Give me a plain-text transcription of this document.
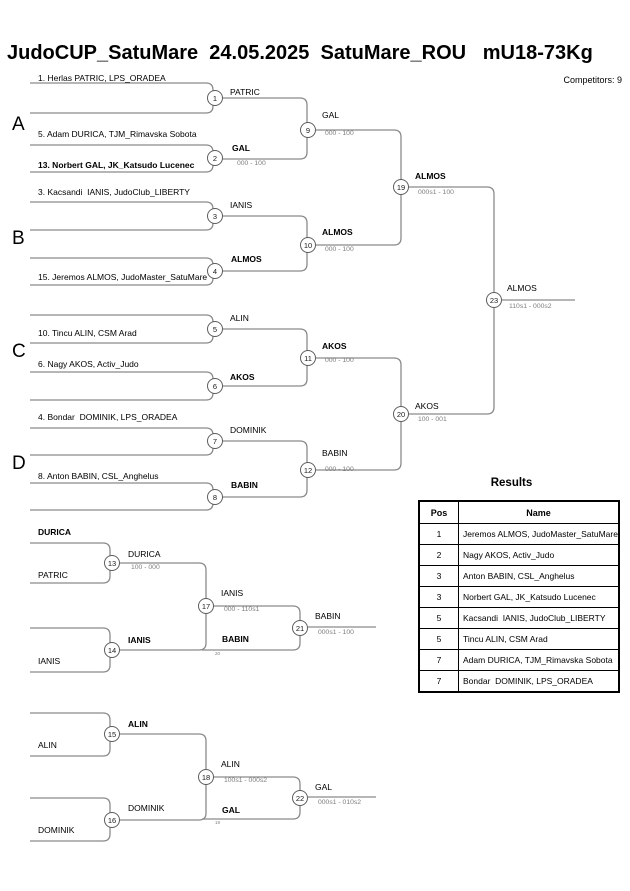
JudoCUP_SatuMare  24.05.2025  SatuMare_ROU   mU18-73Kg
Competitors: 9
A
B
C
D
000 - 100
000 - 100
000 - 100
000 - 100
000 - 100
100 - 000
000 - 110s1
100s1 - 000s2
000s1 - 100
100 - 001
000s1 - 100
000s1 - 010s2
110s1 - 000s2
1. Herlas PATRIC, LPS_ORADEA
5. Adam DURICA, TJM_Rimavska Sobota
13. Norbert GAL, JK_Katsudo Lucenec
3. Kacsandi  IANIS, JudoClub_LIBERTY
15. Jeremos ALMOS, JudoMaster_SatuMare
10. Tincu ALIN, CSM Arad
6. Nagy AKOS, Activ_Judo
4. Bondar  DOMINIK, LPS_ORADEA
8. Anton BABIN, CSL_Anghelus
DURICA
PATRIC
IANIS
ALIN
DOMINIK
PATRIC
GAL
IANIS
ALMOS
ALIN
AKOS
DOMINIK
BABIN
GAL
ALMOS
AKOS
BABIN
DURICA
IANIS
ALIN
DOMINIK
IANIS
ALIN
ALMOS
AKOS
BABIN
GAL
ALMOS
BABIN
20
GAL
19
1
2
3
4
5
6
7
8
9
10
11
12
13
14
15
16
17
18
19
20
21
22
23
Results
Pos	Name
1	Jeremos ALMOS, JudoMaster_SatuMare
2	Nagy AKOS, Activ_Judo
3	Anton BABIN, CSL_Anghelus
3	Norbert GAL, JK_Katsudo Lucenec
5	Kacsandi  IANIS, JudoClub_LIBERTY
5	Tincu ALIN, CSM Arad
7	Adam DURICA, TJM_Rimavska Sobota
7	Bondar  DOMINIK, LPS_ORADEA
